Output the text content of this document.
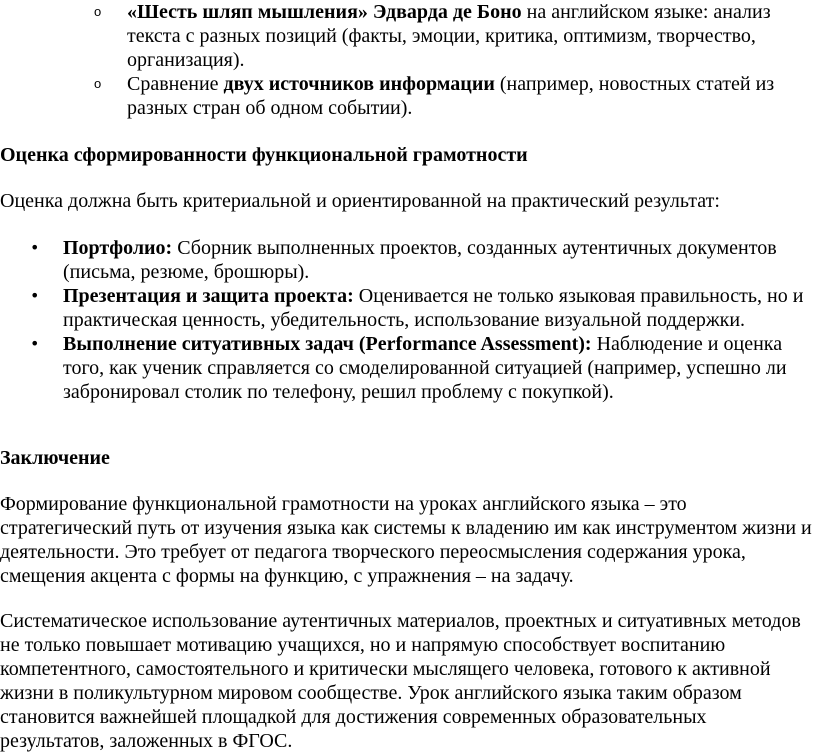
o «Шесть шляп мышления» Эдварда де Боно на английском языке: анализ текста с разных позиций (факты, эмоции, критика, оптимизм, творчество, организация).
o Сравнение двух источников информации (например, новостных статей из разных стран об одном событии).
Оценка сформированности функциональной грамотности
Оценка должна быть критериальной и ориентированной на практический результат:
• Портфолио: Сборник выполненных проектов, созданных аутентичных документов (письма, резюме, брошюры).
• Презентация и защита проекта: Оценивается не только языковая правильность, но и практическая ценность, убедительность, использование визуальной поддержки.
• Выполнение ситуативных задач (Performance Assessment): Наблюдение и оценка того, как ученик справляется со смоделированной ситуацией (например, успешно ли забронировал столик по телефону, решил проблему с покупкой).
Заключение
Формирование функциональной грамотности на уроках английского языка – это стратегический путь от изучения языка как системы к владению им как инструментом жизни и деятельности. Это требует от педагога творческого переосмысления содержания урока, смещения акцента с формы на функцию, с упражнения – на задачу.
Систематическое использование аутентичных материалов, проектных и ситуативных методов не только повышает мотивацию учащихся, но и напрямую способствует воспитанию компетентного, самостоятельного и критически мыслящего человека, готового к активной жизни в поликультурном мировом сообществе. Урок английского языка таким образом становится важнейшей площадкой для достижения современных образовательных результатов, заложенных в ФГОС.
